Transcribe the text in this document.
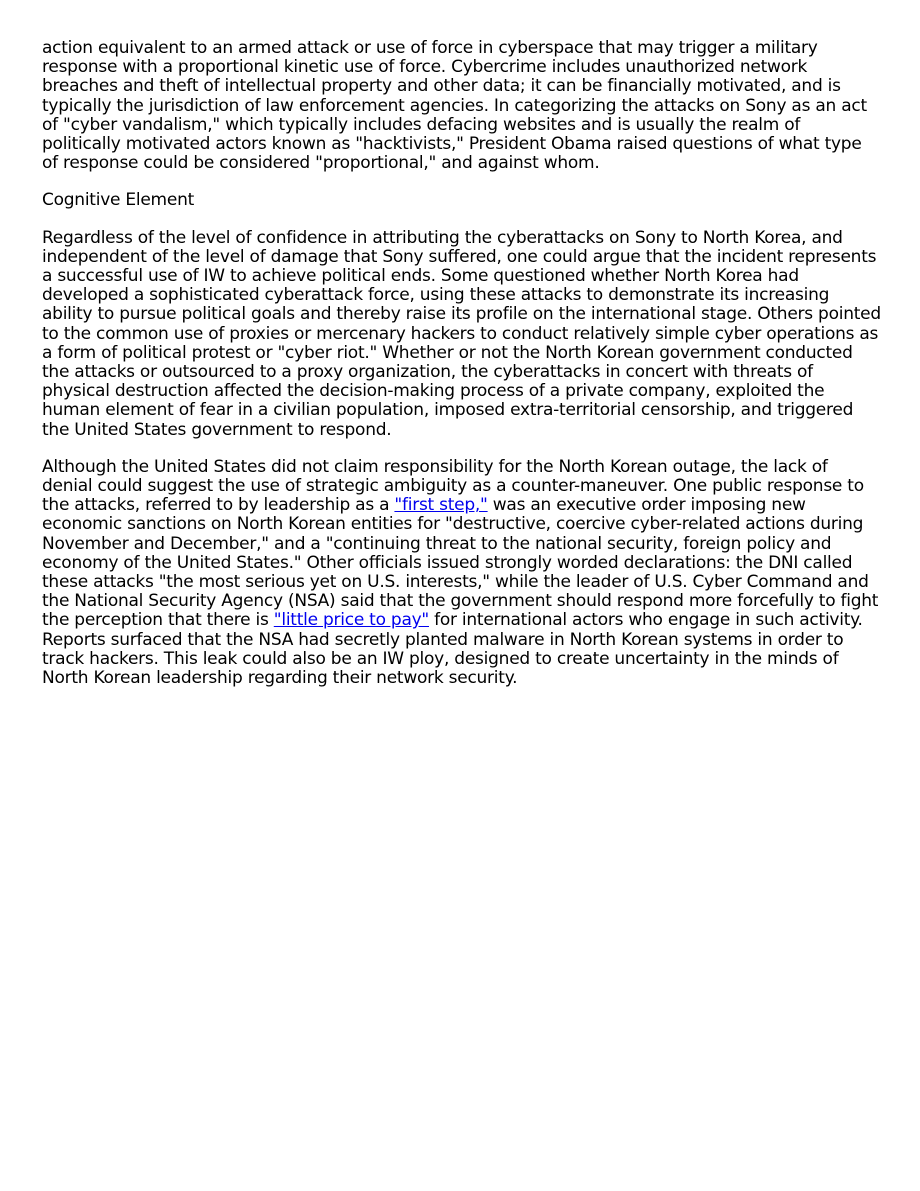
action equivalent to an armed attack or use of force in cyberspace that may trigger a military response with a proportional kinetic use of force. Cybercrime includes unauthorized network breaches and theft of intellectual property and other data; it can be financially motivated, and is typically the jurisdiction of law enforcement agencies. In categorizing the attacks on Sony as an act of "cyber vandalism," which typically includes defacing websites and is usually the realm of politically motivated actors known as "hacktivists," President Obama raised questions of what type of response could be considered "proportional," and against whom.

Cognitive Element

Regardless of the level of confidence in attributing the cyberattacks on Sony to North Korea, and independent of the level of damage that Sony suffered, one could argue that the incident represents a successful use of IW to achieve political ends. Some questioned whether North Korea had developed a sophisticated cyberattack force, using these attacks to demonstrate its increasing ability to pursue political goals and thereby raise its profile on the international stage. Others pointed to the common use of proxies or mercenary hackers to conduct relatively simple cyber operations as a form of political protest or "cyber riot." Whether or not the North Korean government conducted the attacks or outsourced to a proxy organization, the cyberattacks in concert with threats of physical destruction affected the decision-making process of a private company, exploited the human element of fear in a civilian population, imposed extra-territorial censorship, and triggered the United States government to respond.

Although the United States did not claim responsibility for the North Korean outage, the lack of denial could suggest the use of strategic ambiguity as a counter-maneuver. One public response to the attacks, referred to by leadership as a "first step," was an executive order imposing new economic sanctions on North Korean entities for "destructive, coercive cyber-related actions during November and December," and a "continuing threat to the national security, foreign policy and economy of the United States." Other officials issued strongly worded declarations: the DNI called these attacks "the most serious yet on U.S. interests," while the leader of U.S. Cyber Command and the National Security Agency (NSA) said that the government should respond more forcefully to fight the perception that there is "little price to pay" for international actors who engage in such activity. Reports surfaced that the NSA had secretly planted malware in North Korean systems in order to track hackers. This leak could also be an IW ploy, designed to create uncertainty in the minds of North Korean leadership regarding their network security.
